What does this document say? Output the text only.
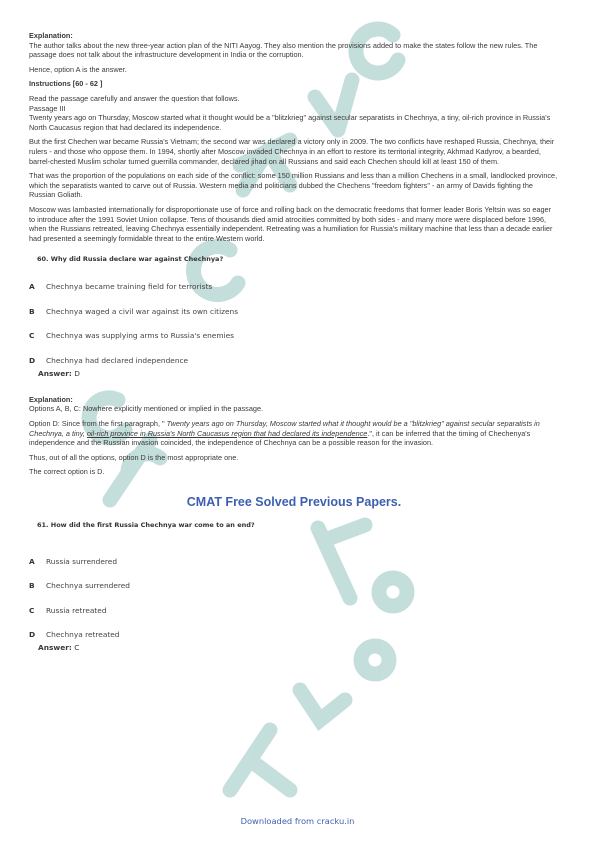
Explanation:

The author talks about the new three-year action plan of the NITI Aayog. They also mention the provisions added to make the states follow the new rules. The passage does not talk about the infrastructure development in India or the corruption.

Hence, option A is the answer.

Instructions [60 - 62 ]

Read the passage carefully and answer the question that follows.

Passage III

Twenty years ago on Thursday, Moscow started what it thought would be a "blitzkrieg" against secular separatists in Chechnya, a tiny, oil-rich province in Russia's North Caucasus region that had declared its independence.

But the first Chechen war became Russia's Vietnam; the second war was declared a victory only in 2009. The two conflicts have reshaped Russia, Chechnya, their rulers - and those who oppose them. In 1994, shortly after Moscow invaded Chechnya in an effort to restore its territorial integrity, Akhmad Kadyrov, a bearded, barrel-chested Muslim scholar turned guerrilla commander, declared jihad on all Russians and said each Chechen should kill at least 150 of them.

That was the proportion of the populations on each side of the conflict: some 150 million Russians and less than a million Chechens in a small, landlocked province, which the separatists wanted to carve out of Russia. Western media and politicians dubbed the Chechens "freedom fighters" - an army of Davids fighting the Russian Goliath.

Moscow was lambasted internationally for disproportionate use of force and rolling back on the democratic freedoms that former leader Boris Yeltsin was so eager to introduce after the 1991 Soviet Union collapse. Tens of thousands died amid atrocities committed by both sides - and many more were displaced before 1996, when the Russians retreated, leaving Chechnya essentially independent. Retreating was a humiliation for Russia's military machine that less than a decade earlier had presented a seemingly formidable threat to the entire Western world.

60. Why did Russia declare war against Chechnya?

A	Chechnya became training field for terrorists
B	Chechnya waged a civil war against its own citizens
C	Chechnya was supplying arms to Russia's enemies
D	Chechnya had declared independence
Answer: D

Explanation:

Options A, B, C: Nowhere explicitly mentioned or implied in the passage.

Option D: Since from the first paragraph, " Twenty years ago on Thursday, Moscow started what it thought would be a "blitzkrieg" against secular separatists in Chechnya, a tiny, oil-rich province in Russia's North Caucasus region that had declared its independence.", it can be inferred that the timing of Chechenya's independence and the Russian invasion coincided, the independence of Chechnya can be a possible reason for the invasion.

Thus, out of all the options, option D is the most appropriate one.

The correct option is D.

CMAT Free Solved Previous Papers.

61. How did the first Russia Chechnya war come to an end?

A	Russia surrendered
B	Chechnya surrendered
C	Russia retreated
D	Chechnya retreated
Answer: C
Downloaded from cracku.in
